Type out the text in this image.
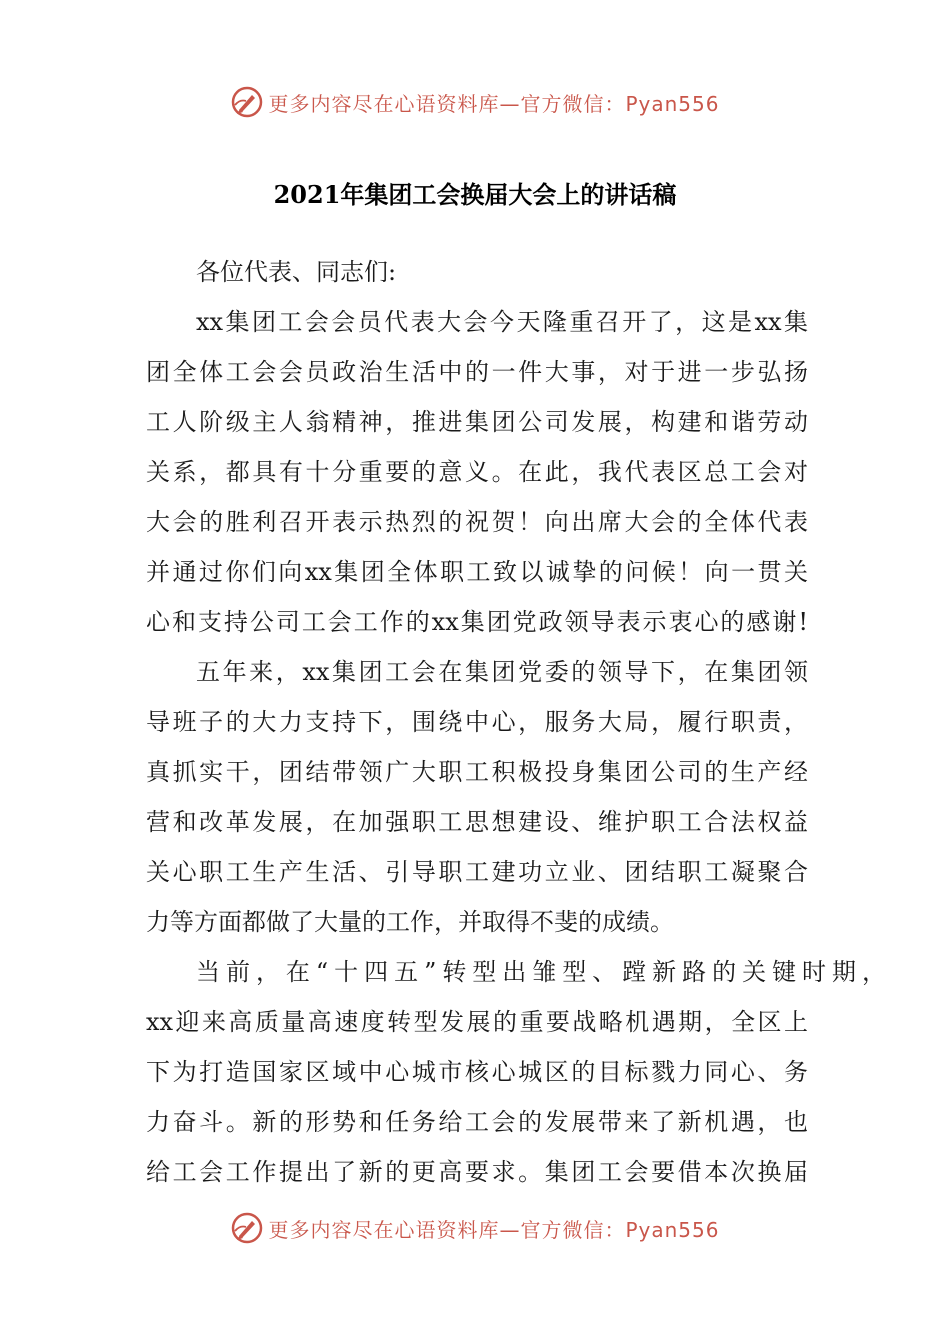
更多内容尽在心语资料库—官方微信：Pyan556
2021年集团工会换届大会上的讲话稿
各位代表、同志们:
xx集团工会会员代表大会今天隆重召开了，这是xx集
团全体工会会员政治生活中的一件大事，对于进一步弘扬
工人阶级主人翁精神，推进集团公司发展，构建和谐劳动
关系，都具有十分重要的意义。在此，我代表区总工会对
大会的胜利召开表示热烈的祝贺！向出席大会的全体代表
并通过你们向xx集团全体职工致以诚挚的问候！向一贯关
心和支持公司工会工作的xx集团党政领导表示衷心的感谢!
五年来，xx集团工会在集团党委的领导下，在集团领
导班子的大力支持下，围绕中心，服务大局，履行职责，
真抓实干，团结带领广大职工积极投身集团公司的生产经
营和改革发展，在加强职工思想建设、维护职工合法权益
关心职工生产生活、引导职工建功立业、团结职工凝聚合
力等方面都做了大量的工作，并取得不斐的成绩。
当前，在“十四五”转型出雏型、蹚新路的关键时期，
xx迎来高质量高速度转型发展的重要战略机遇期，全区上
下为打造国家区域中心城市核心城区的目标戮力同心、务
力奋斗。新的形势和任务给工会的发展带来了新机遇，也
给工会工作提出了新的更高要求。集团工会要借本次换届
更多内容尽在心语资料库—官方微信：Pyan556
